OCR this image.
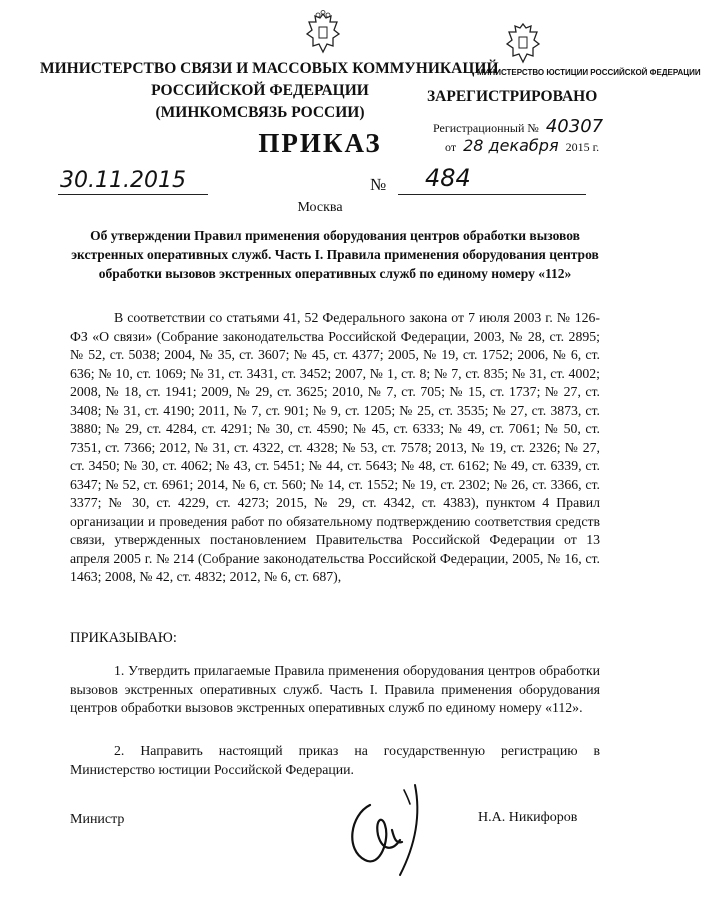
МИНИСТЕРСТВО СВЯЗИ И МАССОВЫХ КОММУНИКАЦИЙ
РОССИЙСКОЙ ФЕДЕРАЦИИ
(МИНКОМСВЯЗЬ РОССИИ)
МИНИСТЕРСТВО ЮСТИЦИИ РОССИЙСКОЙ ФЕДЕРАЦИИ
ЗАРЕГИСТРИРОВАНО
Регистрационный № 40307
от 28 декабря 2015 г.
ПРИКАЗ
30.11.2015	№ 484
Москва
Об утверждении Правил применения оборудования центров обработки вызовов экстренных оперативных служб. Часть I. Правила применения оборудования центров обработки вызовов экстренных оперативных служб по единому номеру «112»
В соответствии со статьями 41, 52 Федерального закона от 7 июля 2003 г. № 126-ФЗ «О связи» (Собрание законодательства Российской Федерации, 2003, № 28, ст. 2895; № 52, ст. 5038; 2004, № 35, ст. 3607; № 45, ст. 4377; 2005, № 19, ст. 1752; 2006, № 6, ст. 636; № 10, ст. 1069; № 31, ст. 3431, ст. 3452; 2007, № 1, ст. 8; № 7, ст. 835; № 31, ст. 4002; 2008, № 18, ст. 1941; 2009, № 29, ст. 3625; 2010, № 7, ст. 705; № 15, ст. 1737; № 27, ст. 3408; № 31, ст. 4190; 2011, № 7, ст. 901; № 9, ст. 1205; № 25, ст. 3535; № 27, ст. 3873, ст. 3880; № 29, ст. 4284, ст. 4291; № 30, ст. 4590; № 45, ст. 6333; № 49, ст. 7061; № 50, ст. 7351, ст. 7366; 2012, № 31, ст. 4322, ст. 4328; № 53, ст. 7578; 2013, № 19, ст. 2326; № 27, ст. 3450; № 30, ст. 4062; № 43, ст. 5451; № 44, ст. 5643; № 48, ст. 6162; № 49, ст. 6339, ст. 6347; № 52, ст. 6961; 2014, № 6, ст. 560; № 14, ст. 1552; № 19, ст. 2302; № 26, ст. 3366, ст. 3377; № 30, ст. 4229, ст. 4273; 2015, № 29, ст. 4342, ст. 4383), пунктом 4 Правил организации и проведения работ по обязательному подтверждению соответствия средств связи, утвержденных постановлением Правительства Российской Федерации от 13 апреля 2005 г. № 214 (Собрание законодательства Российской Федерации, 2005, № 16, ст. 1463; 2008, № 42, ст. 4832; 2012, № 6, ст. 687),
ПРИКАЗЫВАЮ:
1. Утвердить прилагаемые Правила применения оборудования центров обработки вызовов экстренных оперативных служб. Часть I. Правила применения оборудования центров обработки вызовов экстренных оперативных служб по единому номеру «112».
2. Направить настоящий приказ на государственную регистрацию в Министерство юстиции Российской Федерации.
Министр	Н.А. Никифоров
